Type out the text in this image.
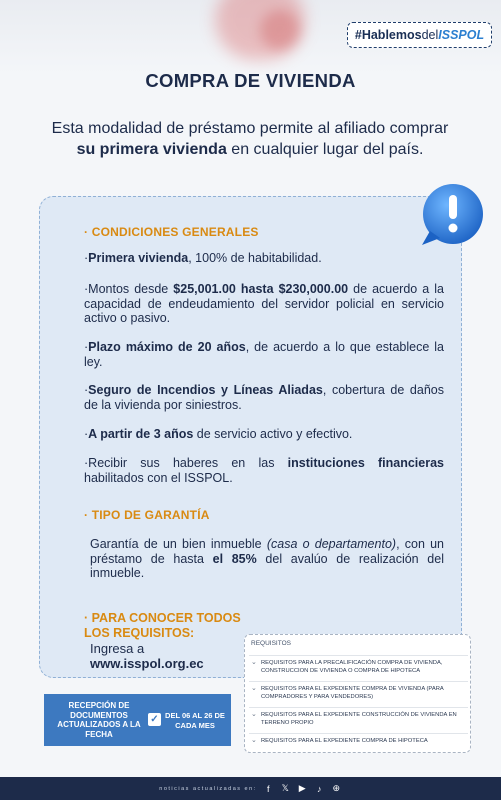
#Hablemos del ISSPOL
COMPRA DE VIVIENDA
Esta modalidad de préstamo permite al afiliado comprar su primera vivienda en cualquier lugar del país.
· CONDICIONES GENERALES
·Primera vivienda, 100% de habitabilidad.
·Montos desde $25,001.00 hasta $230,000.00 de acuerdo a la capacidad de endeudamiento del servidor policial en servicio activo o pasivo.
·Plazo máximo de 20 años, de acuerdo a lo que establece la ley.
·Seguro de Incendios y Líneas Aliadas, cobertura de daños de la vivienda por siniestros.
·A partir de 3 años de servicio activo y efectivo.
·Recibir sus haberes en las instituciones financieras habilitados con el ISSPOL.
· TIPO DE GARANTÍA
Garantía de un bien inmueble (casa o departamento), con un préstamo de hasta el 85% del avalúo de realización del inmueble.
· PARA CONOCER TODOS LOS REQUISITOS:
Ingresa a
www.isspol.org.ec
REQUISITOS
⌄ REQUISITOS PARA LA PRECALIFICACIÓN COMPRA DE VIVIENDA, CONSTRUCCION DE VIVIENDA O COMPRA DE HIPOTECA
⌄ REQUISITOS PARA EL EXPEDIENTE COMPRA DE VIVIENDA (PARA COMPRADORES Y PARA VENDEDORES)
⌄ REQUISITOS PARA EL EXPEDIENTE CONSTRUCCIÓN DE VIVIENDA EN TERRENO PROPIO
⌄ REQUISITOS PARA EL EXPEDIENTE COMPRA DE HIPOTECA
RECEPCIÓN DE DOCUMENTOS ACTUALIZADOS A LA FECHA
✓ DEL 06 AL 26 DE CADA MES
noticias actualizadas en:	f	𝕏 ▶	♪	⊕
